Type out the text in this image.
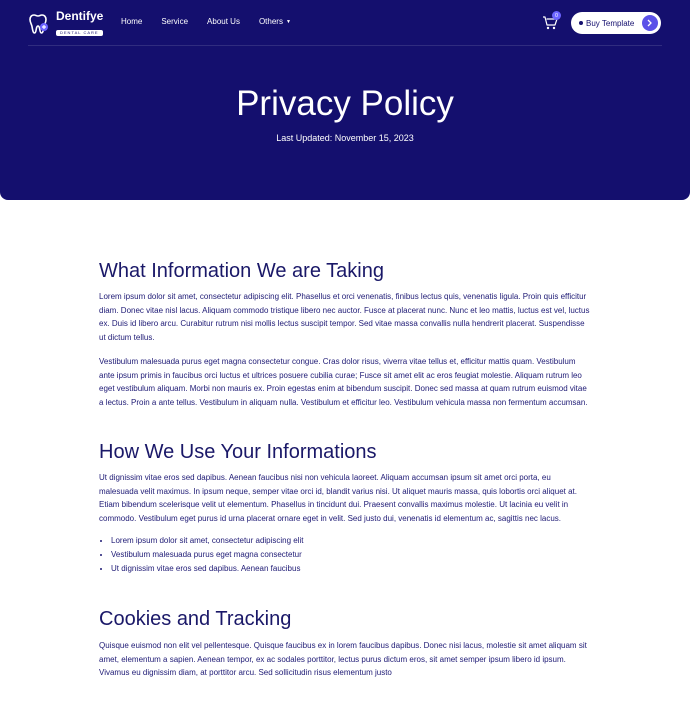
Dentifye
DENTAL CARE
Home Service About Us Others ▼
0
Buy Template
Privacy Policy
Last Updated: November 15, 2023
What Information We are Taking

Lorem ipsum dolor sit amet, consectetur adipiscing elit. Phasellus et orci venenatis, finibus lectus quis, venenatis ligula. Proin quis efficitur diam. Donec vitae nisl lacus. Aliquam commodo tristique libero nec auctor. Fusce at placerat nunc. Nunc et leo mattis, luctus est vel, luctus ex. Duis id libero arcu. Curabitur rutrum nisi mollis lectus suscipit tempor. Sed vitae massa convallis nulla hendrerit placerat. Suspendisse ut dictum tellus.

Vestibulum malesuada purus eget magna consectetur congue. Cras dolor risus, viverra vitae tellus et, efficitur mattis quam. Vestibulum ante ipsum primis in faucibus orci luctus et ultrices posuere cubilia curae; Fusce sit amet elit ac eros feugiat molestie. Aliquam rutrum leo eget vestibulum aliquam. Morbi non mauris ex. Proin egestas enim at bibendum suscipit. Donec sed massa at quam rutrum euismod vitae a lectus. Proin a ante tellus. Vestibulum in aliquam nulla. Vestibulum et efficitur leo. Vestibulum vehicula massa non fermentum accumsan.

How We Use Your Informations

Ut dignissim vitae eros sed dapibus. Aenean faucibus nisi non vehicula laoreet. Aliquam accumsan ipsum sit amet orci porta, eu malesuada velit maximus. In ipsum neque, semper vitae orci id, blandit varius nisi. Ut aliquet mauris massa, quis lobortis orci aliquet at. Etiam bibendum scelerisque velit ut elementum. Phasellus in tincidunt dui. Praesent convallis maximus molestie. Ut lacinia eu velit in commodo. Vestibulum eget purus id urna placerat ornare eget in velit. Sed justo dui, venenatis id elementum ac, sagittis nec lacus.

• Lorem ipsum dolor sit amet, consectetur adipiscing elit
• Vestibulum malesuada purus eget magna consectetur
• Ut dignissim vitae eros sed dapibus. Aenean faucibus
Cookies and Tracking

Quisque euismod non elit vel pellentesque. Quisque faucibus ex in lorem faucibus dapibus. Donec nisi lacus, molestie sit amet aliquam sit amet, elementum a sapien. Aenean tempor, ex ac sodales porttitor, lectus purus dictum eros, sit amet semper ipsum libero id ipsum. Vivamus eu dignissim diam, at porttitor arcu. Sed sollicitudin risus elementum justo
